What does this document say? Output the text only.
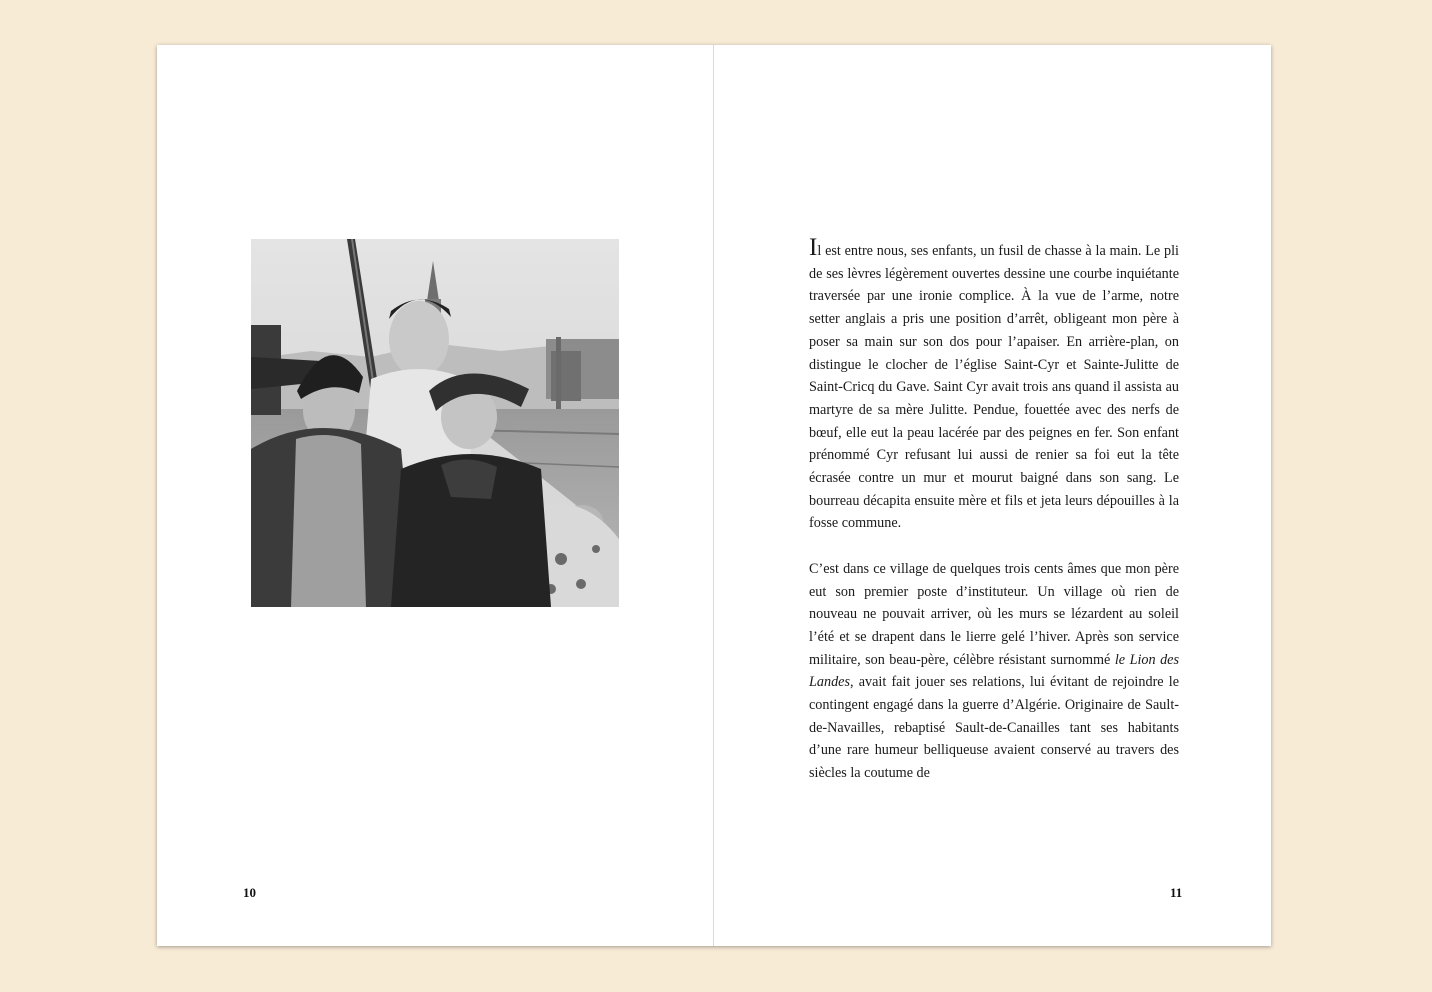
10

Il est entre nous, ses enfants, un fusil de chasse à la main. Le pli de ses lèvres légèrement ouvertes dessine une courbe inquiétante traversée par une ironie complice. À la vue de l’arme, notre setter anglais a pris une position d’arrêt, obligeant mon père à poser sa main sur son dos pour l’apaiser. En arrière-plan, on distingue le clocher de l’église Saint-Cyr et Sainte-Julitte de Saint-Cricq du Gave. Saint Cyr avait trois ans quand il assista au martyre de sa mère Julitte. Pendue, fouettée avec des nerfs de bœuf, elle eut la peau lacérée par des peignes en fer. Son enfant prénommé Cyr refusant lui aussi de renier sa foi eut la tête écrasée contre un mur et mourut baigné dans son sang. Le bourreau décapita ensuite mère et fils et jeta leurs dépouilles à la fosse commune.

C’est dans ce village de quelques trois cents âmes que mon père eut son premier poste d’instituteur. Un village où rien de nouveau ne pouvait arriver, où les murs se lézardent au soleil l’été et se drapent dans le lierre gelé l’hiver. Après son service militaire, son beau-père, célèbre résistant surnommé le Lion des Landes, avait fait jouer ses relations, lui évitant de rejoindre le contingent engagé dans la guerre d’Algérie. Originaire de Sault-de-Navailles, rebaptisé Sault-de-Canailles tant ses habitants d’une rare humeur belliqueuse avaient conservé au travers des siècles la coutume de

11
